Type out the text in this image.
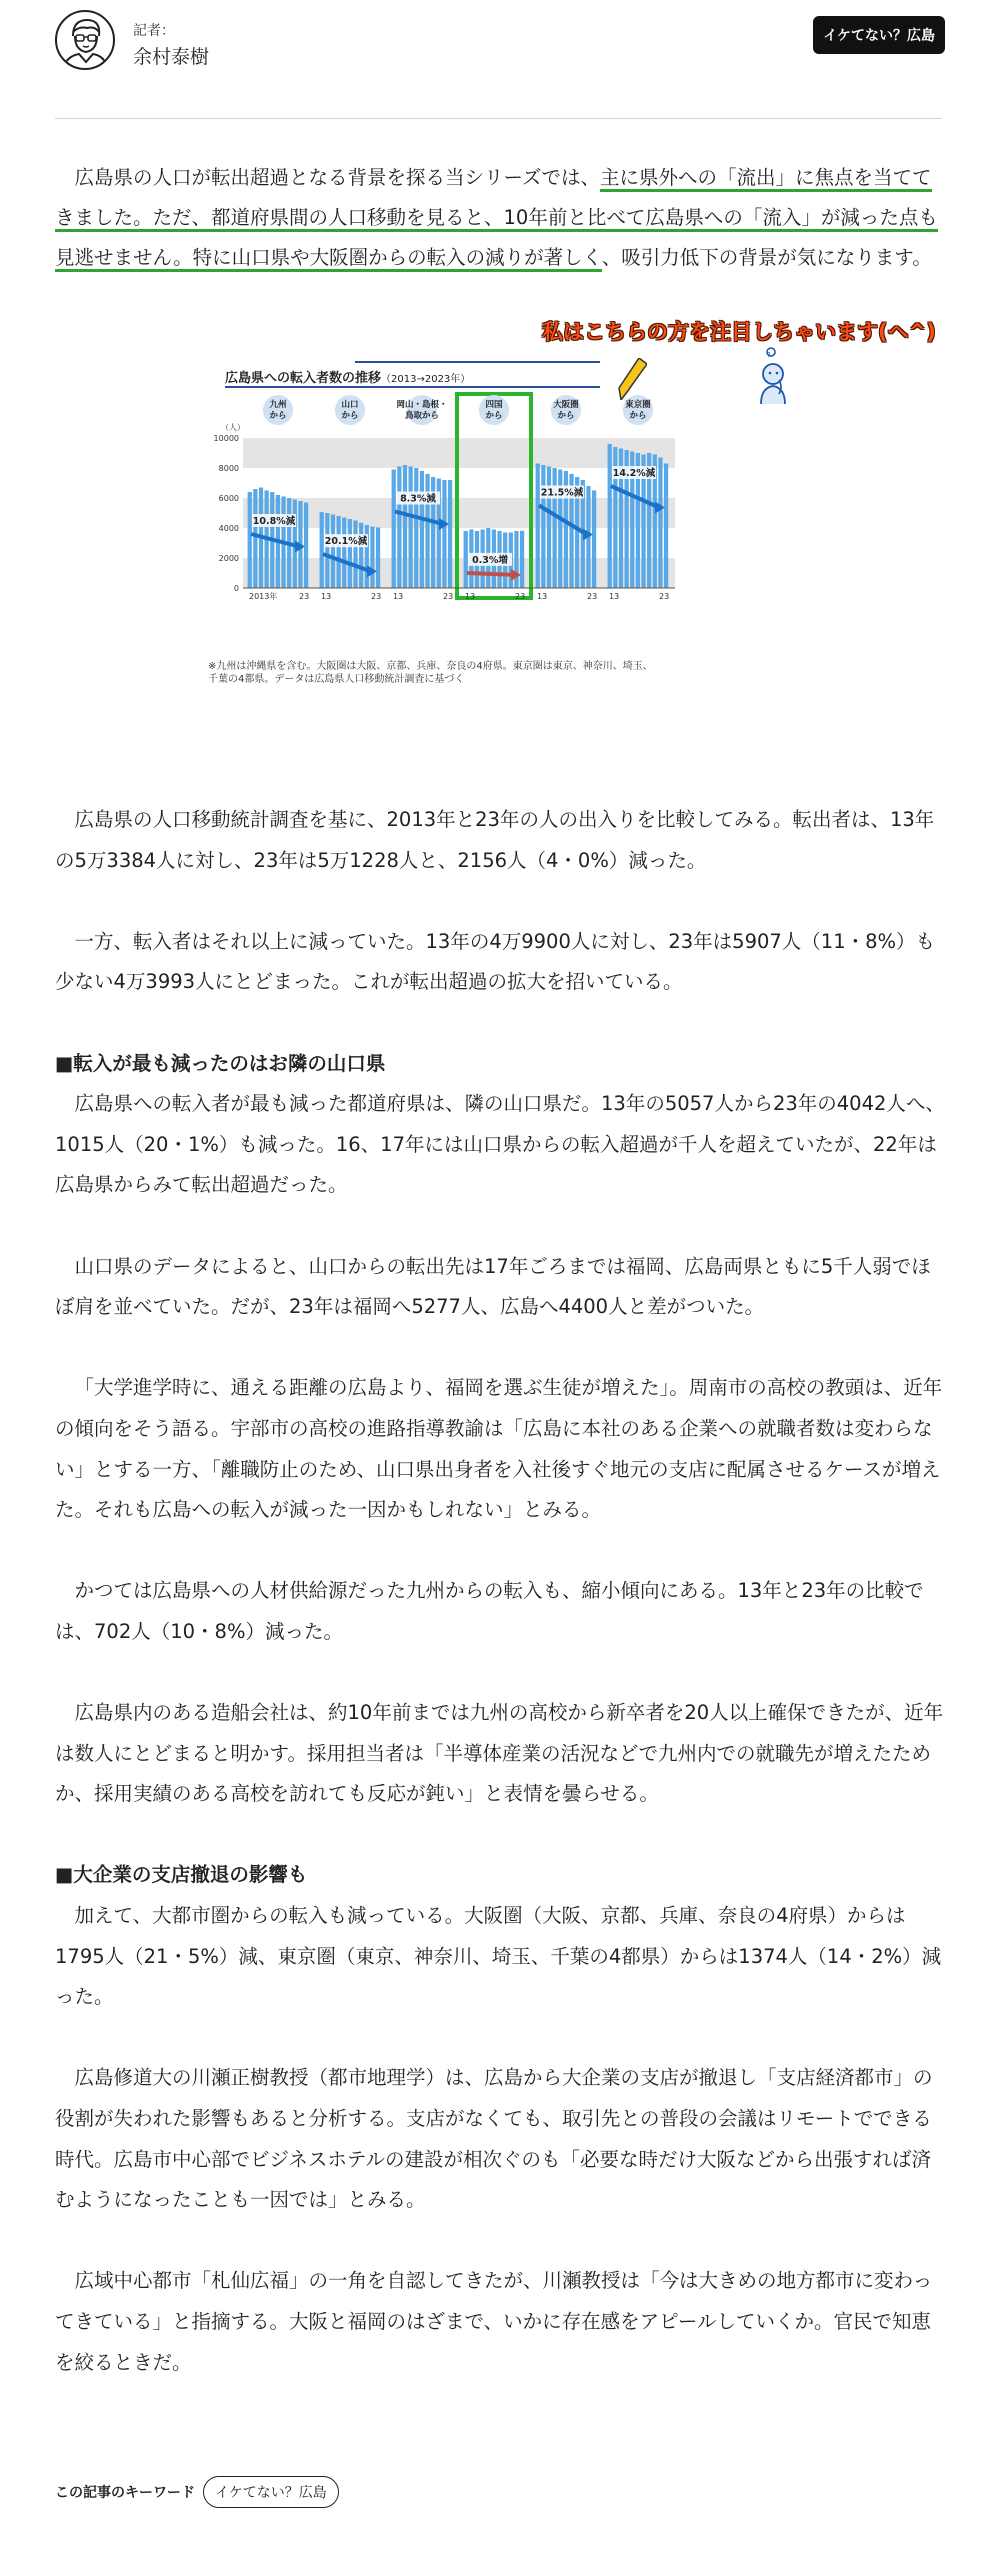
記者：
余村泰樹
イケてない？広島

広島県の人口が転出超過となる背景を探る当シリーズでは、主に県外への「流出」に焦点を当ててきました。ただ、都道府県間の人口移動を見ると、10年前と比べて広島県への「流入」が減った点も見逃せません。特に山口県や大阪圏からの転入の減りが著しく、吸引力低下の背景が気になります。

私はこちらの方を注目しちゃいます(ヘ^)
?
0
2000
4000
6000
8000
10000
（人）
九州
から
10.8%減
2013年	23
山口
から
20.1%減
13	23
岡山・島根・
鳥取から
8.3%減
13	23
四国
から
0.3%増
13	23
大阪圏
から
21.5%減
13	23
東京圏
から
14.2%減
13	23
広島県への転入者数の推移（2013→2023年）
※九州は沖縄県を含む。大阪圏は大阪、京都、兵庫、奈良の4府県。東京圏は東京、神奈川、埼玉、
千葉の4都県。データは広島県人口移動統計調査に基づく

広島県の人口移動統計調査を基に、2013年と23年の人の出入りを比較してみる。転出者は、13年の5万3384人に対し、23年は5万1228人と、2156人（4・0%）減った。

一方、転入者はそれ以上に減っていた。13年の4万9900人に対し、23年は5907人（11・8%）も少ない4万3993人にとどまった。これが転出超過の拡大を招いている。

■転入が最も減ったのはお隣の山口県

広島県への転入者が最も減った都道府県は、隣の山口県だ。13年の5057人から23年の4042人へ、1015人（20・1%）も減った。16、17年には山口県からの転入超過が千人を超えていたが、22年は広島県からみて転出超過だった。

山口県のデータによると、山口からの転出先は17年ごろまでは福岡、広島両県ともに5千人弱でほぼ肩を並べていた。だが、23年は福岡へ5277人、広島へ4400人と差がついた。

「大学進学時に、通える距離の広島より、福岡を選ぶ生徒が増えた」。周南市の高校の教頭は、近年の傾向をそう語る。宇部市の高校の進路指導教諭は「広島に本社のある企業への就職者数は変わらない」とする一方、「離職防止のため、山口県出身者を入社後すぐ地元の支店に配属させるケースが増えた。それも広島への転入が減った一因かもしれない」とみる。

かつては広島県への人材供給源だった九州からの転入も、縮小傾向にある。13年と23年の比較では、702人（10・8%）減った。

広島県内のある造船会社は、約10年前までは九州の高校から新卒者を20人以上確保できたが、近年は数人にとどまると明かす。採用担当者は「半導体産業の活況などで九州内での就職先が増えたためか、採用実績のある高校を訪れても反応が鈍い」と表情を曇らせる。

■大企業の支店撤退の影響も

加えて、大都市圏からの転入も減っている。大阪圏（大阪、京都、兵庫、奈良の4府県）からは1795人（21・5%）減、東京圏（東京、神奈川、埼玉、千葉の4都県）からは1374人（14・2%）減った。

広島修道大の川瀬正樹教授（都市地理学）は、広島から大企業の支店が撤退し「支店経済都市」の役割が失われた影響もあると分析する。支店がなくても、取引先との普段の会議はリモートでできる時代。広島市中心部でビジネスホテルの建設が相次ぐのも「必要な時だけ大阪などから出張すれば済むようになったことも一因では」とみる。

広域中心都市「札仙広福」の一角を自認してきたが、川瀬教授は「今は大きめの地方都市に変わってきている」と指摘する。大阪と福岡のはざまで、いかに存在感をアピールしていくか。官民で知恵を絞るときだ。

この記事のキーワード	イケてない？広島
